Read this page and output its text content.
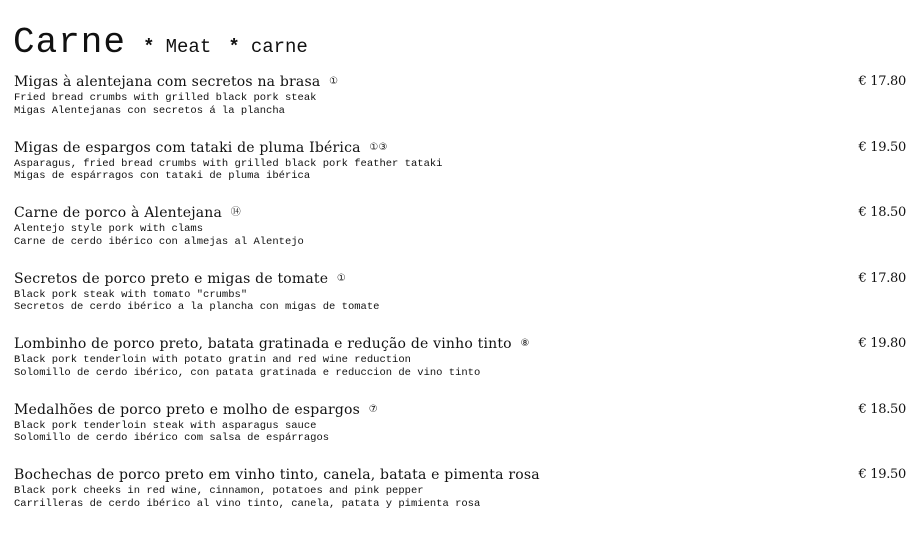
Carne * Meat * carne
Migas à alentejana com secretos na brasa ①
Fried bread crumbs with grilled black pork steak
Migas Alentejanas con secretos á la plancha
€ 17.80
Migas de espargos com tataki de pluma Ibérica ①③
Asparagus, fried bread crumbs with grilled black pork feather tataki
Migas de espárragos con tataki de pluma ibérica
€ 19.50
Carne de porco à Alentejana ⑭
Alentejo style pork with clams
Carne de cerdo ibérico con almejas al Alentejo
€ 18.50
Secretos de porco preto e migas de tomate ①
Black pork steak with tomato "crumbs"
Secretos de cerdo ibérico a la plancha con migas de tomate
€ 17.80
Lombinho de porco preto, batata gratinada e redução de vinho tinto ⑧
Black pork tenderloin with potato gratin and red wine reduction
Solomillo de cerdo ibérico, con patata gratinada e reduccion de vino tinto
€ 19.80
Medalhões de porco preto e molho de espargos ⑦
Black pork tenderloin steak with asparagus sauce
Solomillo de cerdo ibérico com salsa de espárragos
€ 18.50
Bochechas de porco preto em vinho tinto, canela, batata e pimenta rosa
Black pork cheeks in red wine, cinnamon, potatoes and pink pepper
Carrilleras de cerdo ibérico al vino tinto, canela, patata y pimienta rosa
€ 19.50
